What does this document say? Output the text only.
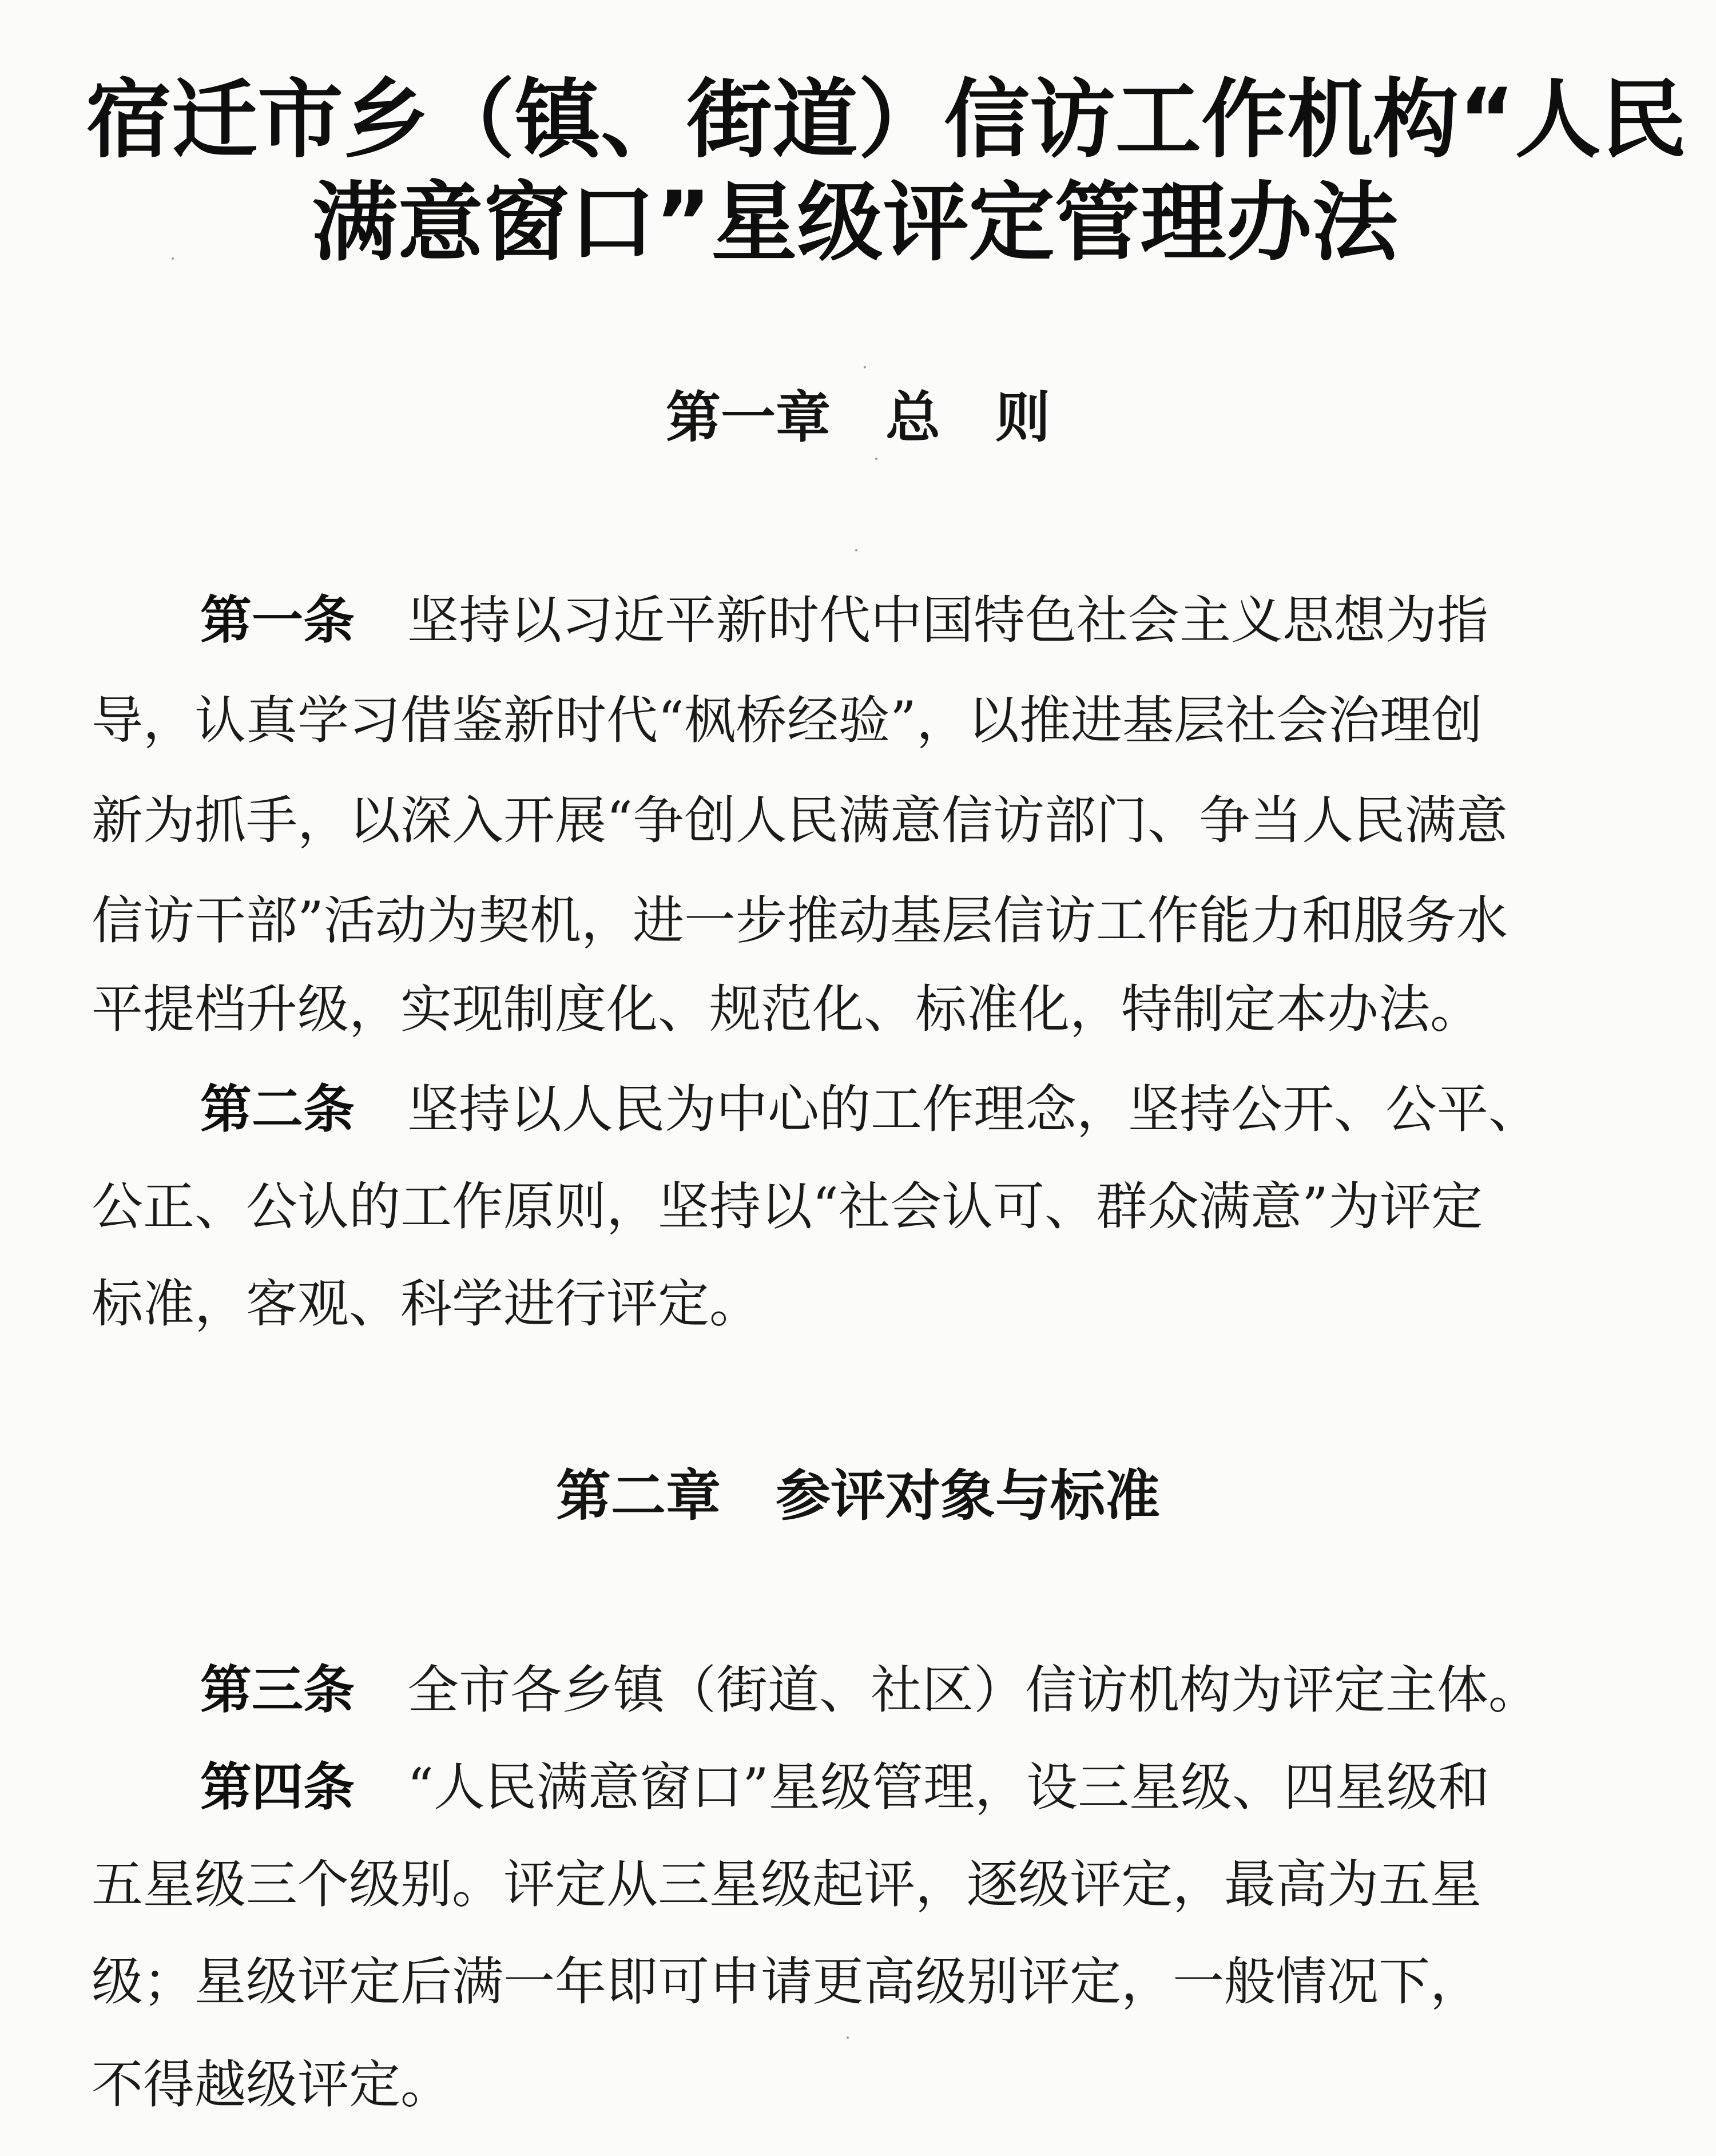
宿迁市乡（镇、街道）信访工作机构“人民
满意窗口”星级评定管理办法
第一章　总　则
第一条 坚持以习近平新时代中国特色社会主义思想为指
导，认真学习借鉴新时代“枫桥经验”，以推进基层社会治理创
新为抓手，以深入开展“争创人民满意信访部门、争当人民满意
信访干部”活动为契机，进一步推动基层信访工作能力和服务水
平提档升级，实现制度化、规范化、标准化，特制定本办法。
第二条 坚持以人民为中心的工作理念，坚持公开、公平、
公正、公认的工作原则，坚持以“社会认可、群众满意”为评定
标准，客观、科学进行评定。
第二章　参评对象与标准
第三条 全市各乡镇（街道、社区）信访机构为评定主体。
第四条 “人民满意窗口”星级管理，设三星级、四星级和
五星级三个级别。评定从三星级起评，逐级评定，最高为五星
级；星级评定后满一年即可申请更高级别评定，一般情况下，
不得越级评定。
